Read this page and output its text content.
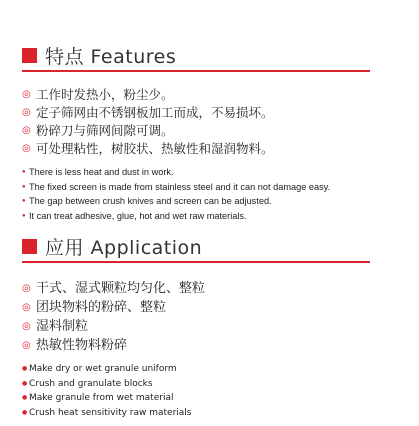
特点 Features
◎ 工作时发热小，粉尘少。
◎ 定子筛网由不锈钢板加工而成，不易损坏。
◎ 粉碎刀与筛网间隙可调。
◎ 可处理粘性，树胶状、热敏性和湿润物料。
● There is less heat and dust in work.
● The fixed screen is made from stainless steel and it can not damage easy.
● The gap between crush knives and screen can be adjusted.
● It can treat adhesive, glue, hot and wet raw materials.
应用 Application
◎ 干式、湿式颗粒均匀化、整粒
◎ 团块物料的粉碎、整粒
◎ 湿料制粒
◎ 热敏性物料粉碎
● Make dry or wet granule uniform
● Crush and granulate blocks
● Make granule from wet material
● Crush heat sensitivity raw materials
